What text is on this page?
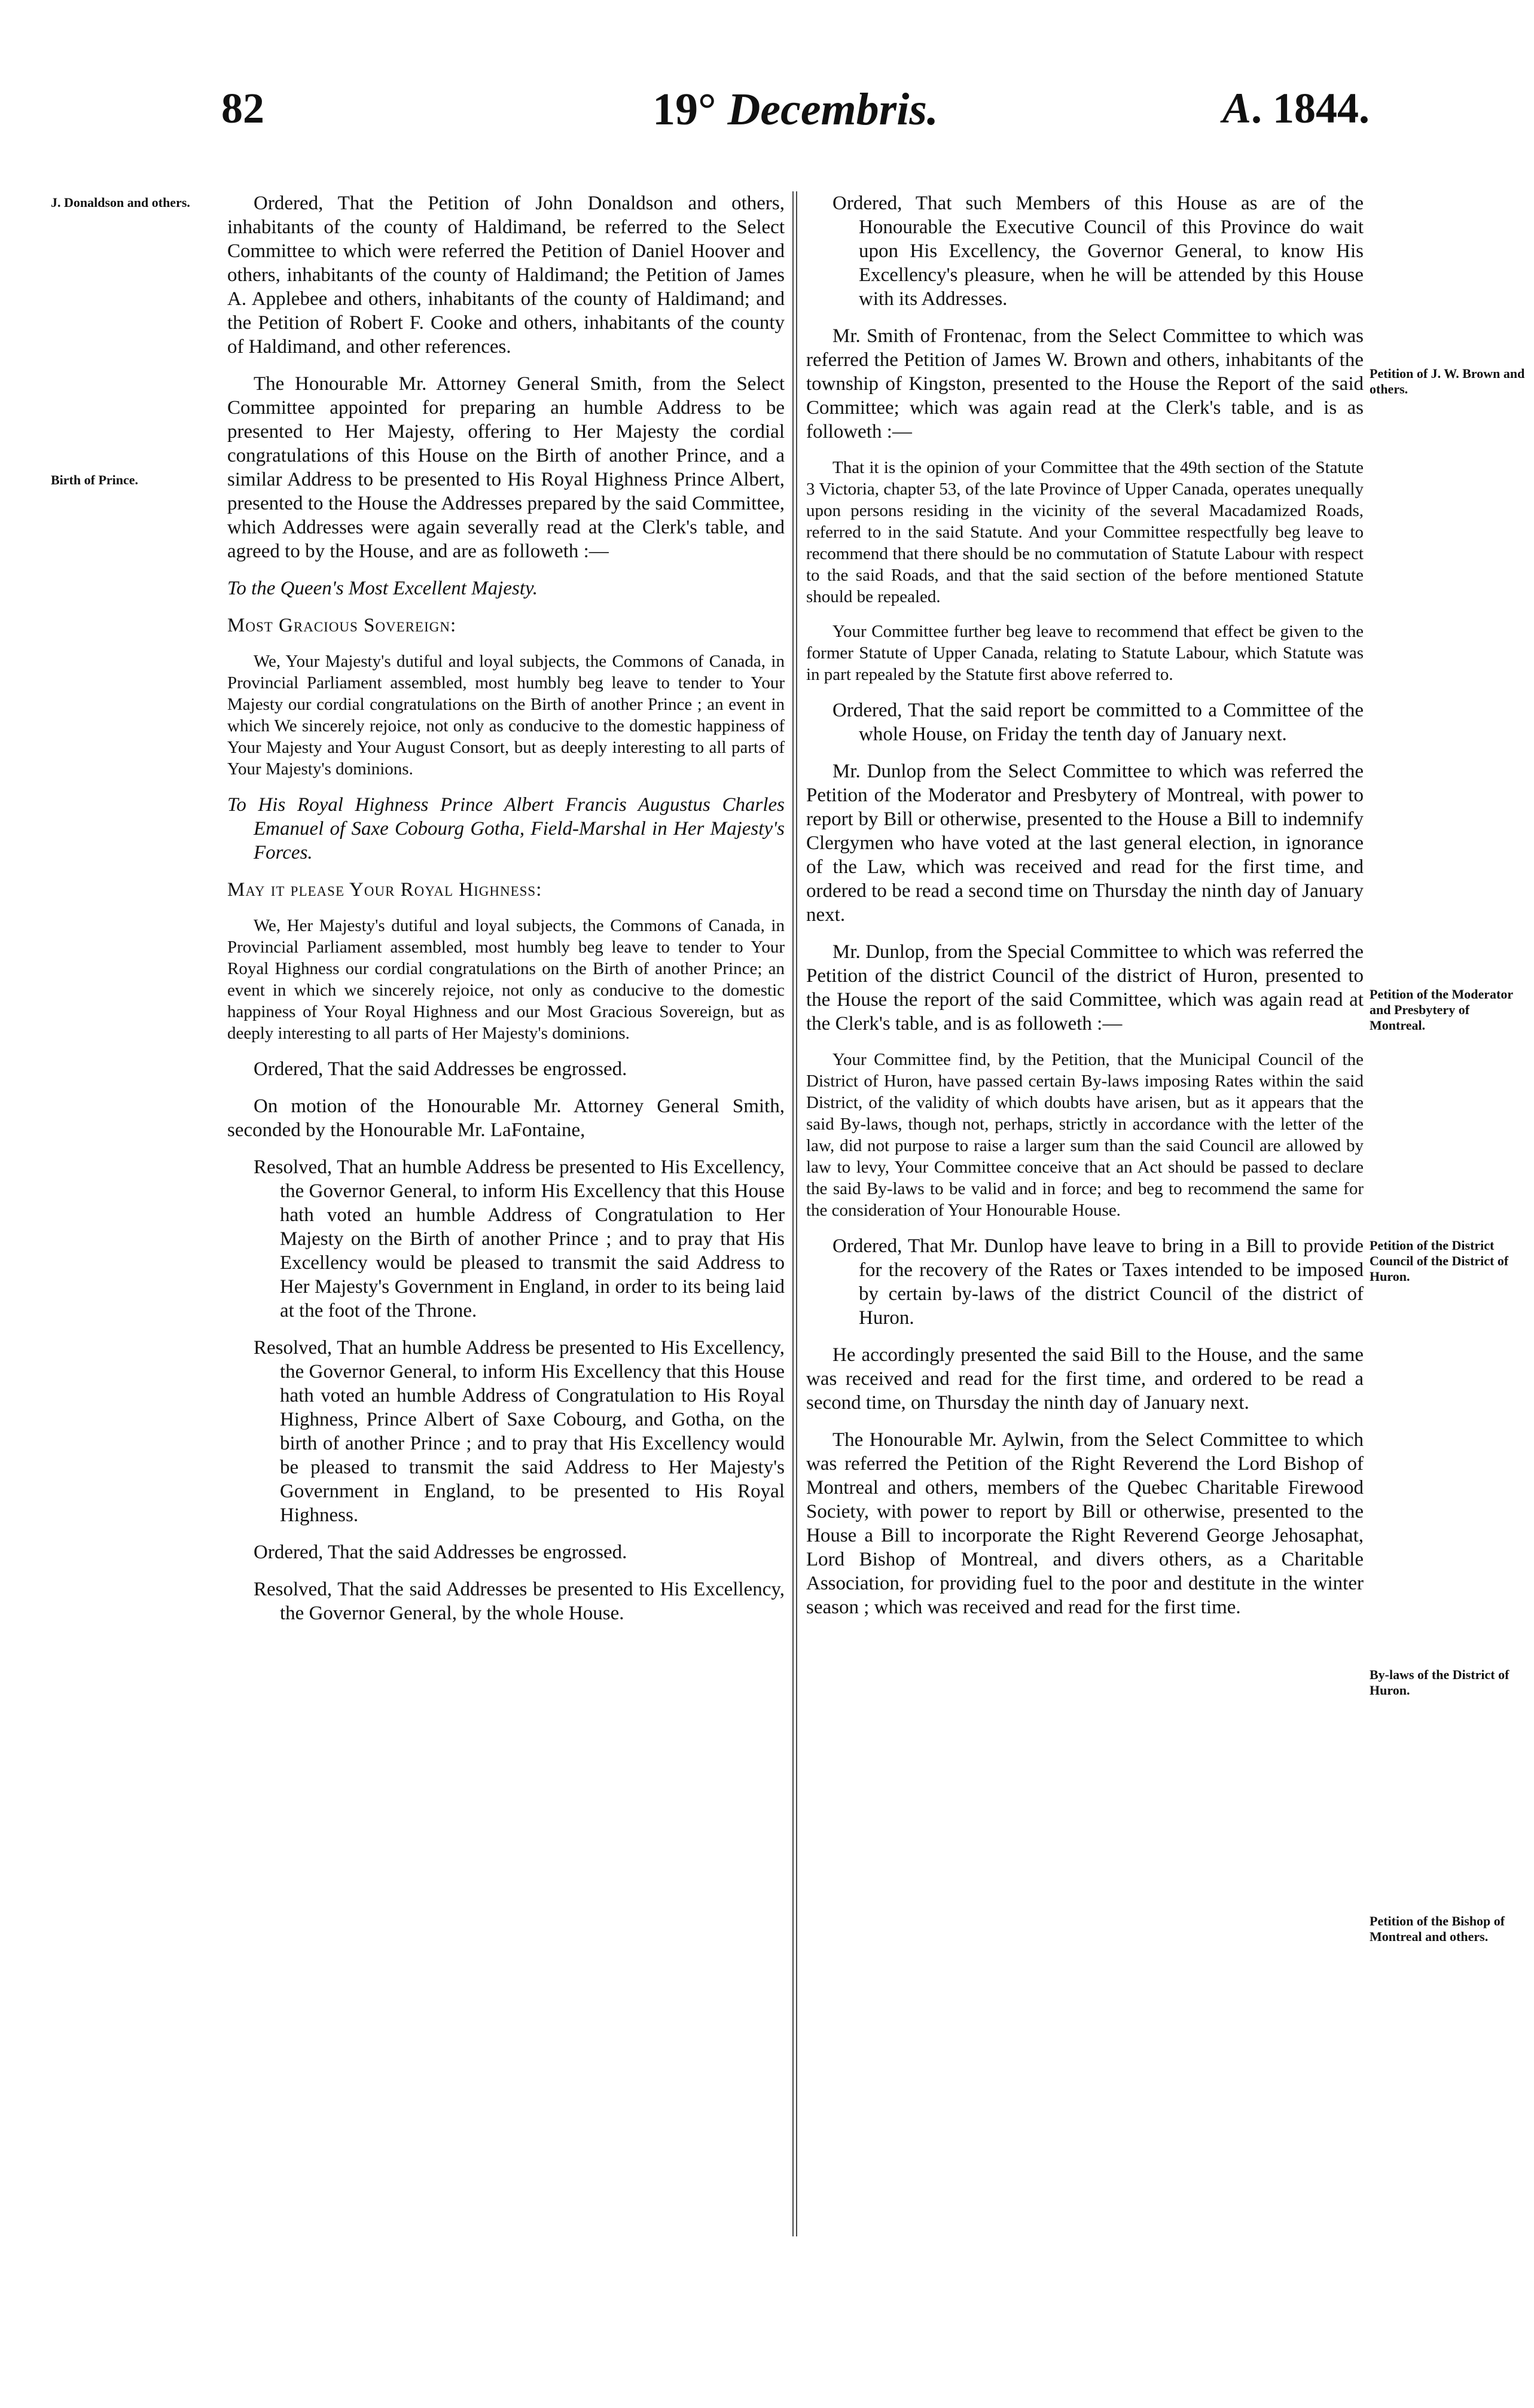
82	19° Decembris.	A. 1844.
J. Donaldson and others.
Birth of Prince.
Petition of J. W. Brown and others.
Petition of the Moderator and Presbytery of Montreal.
Petition of the District Council of the District of Huron.
By-laws of the District of Huron.
Petition of the Bishop of Montreal and others.

Ordered, That the Petition of John Donaldson and others, inhabitants of the county of Haldimand, be referred to the Select Committee to which were referred the Petition of Daniel Hoover and others, inhabitants of the county of Haldimand; the Petition of James A. Applebee and others, inhabitants of the county of Haldimand; and the Petition of Robert F. Cooke and others, inhabitants of the county of Haldimand, and other references.

The Honourable Mr. Attorney General Smith, from the Select Committee appointed for preparing an humble Address to be presented to Her Majesty, offering to Her Majesty the cordial congratulations of this House on the Birth of another Prince, and a similar Address to be presented to His Royal Highness Prince Albert, presented to the House the Addresses prepared by the said Committee, which Addresses were again severally read at the Clerk's table, and agreed to by the House, and are as followeth :—

To the Queen's Most Excellent Majesty.

Most Gracious Sovereign:

We, Your Majesty's dutiful and loyal subjects, the Commons of Canada, in Provincial Parliament assembled, most humbly beg leave to tender to Your Majesty our cordial congratulations on the Birth of another Prince ; an event in which We sincerely rejoice, not only as conducive to the domestic happiness of Your Majesty and Your August Consort, but as deeply interesting to all parts of Your Majesty's dominions.

To His Royal Highness Prince Albert Francis Augustus Charles Emanuel of Saxe Cobourg Gotha, Field-Marshal in Her Majesty's Forces.

May it please Your Royal Highness:

We, Her Majesty's dutiful and loyal subjects, the Commons of Canada, in Provincial Parliament assembled, most humbly beg leave to tender to Your Royal Highness our cordial congratulations on the Birth of another Prince; an event in which we sincerely rejoice, not only as conducive to the domestic happiness of Your Royal Highness and our Most Gracious Sovereign, but as deeply interesting to all parts of Her Majesty's dominions.

Ordered, That the said Addresses be engrossed.

On motion of the Honourable Mr. Attorney General Smith, seconded by the Honourable Mr. LaFontaine,

Resolved, That an humble Address be presented to His Excellency, the Governor General, to inform His Excellency that this House hath voted an humble Address of Congratulation to Her Majesty on the Birth of another Prince ; and to pray that His Excellency would be pleased to transmit the said Address to Her Majesty's Government in England, in order to its being laid at the foot of the Throne.

Resolved, That an humble Address be presented to His Excellency, the Governor General, to inform His Excellency that this House hath voted an humble Address of Congratulation to His Royal Highness, Prince Albert of Saxe Cobourg, and Gotha, on the birth of another Prince ; and to pray that His Excellency would be pleased to transmit the said Address to Her Majesty's Government in England, to be presented to His Royal Highness.

Ordered, That the said Addresses be engrossed.

Resolved, That the said Addresses be presented to His Excellency, the Governor General, by the whole House.

Ordered, That such Members of this House as are of the Honourable the Executive Council of this Province do wait upon His Excellency, the Governor General, to know His Excellency's pleasure, when he will be attended by this House with its Addresses.

Mr. Smith of Frontenac, from the Select Committee to which was referred the Petition of James W. Brown and others, inhabitants of the township of Kingston, presented to the House the Report of the said Committee; which was again read at the Clerk's table, and is as followeth :—

That it is the opinion of your Committee that the 49th section of the Statute 3 Victoria, chapter 53, of the late Province of Upper Canada, operates unequally upon persons residing in the vicinity of the several Macadamized Roads, referred to in the said Statute. And your Committee respectfully beg leave to recommend that there should be no commutation of Statute Labour with respect to the said Roads, and that the said section of the before mentioned Statute should be repealed.

Your Committee further beg leave to recommend that effect be given to the former Statute of Upper Canada, relating to Statute Labour, which Statute was in part repealed by the Statute first above referred to.

Ordered, That the said report be committed to a Committee of the whole House, on Friday the tenth day of January next.

Mr. Dunlop from the Select Committee to which was referred the Petition of the Moderator and Presbytery of Montreal, with power to report by Bill or otherwise, presented to the House a Bill to indemnify Clergymen who have voted at the last general election, in ignorance of the Law, which was received and read for the first time, and ordered to be read a second time on Thursday the ninth day of January next.

Mr. Dunlop, from the Special Committee to which was referred the Petition of the district Council of the district of Huron, presented to the House the report of the said Committee, which was again read at the Clerk's table, and is as followeth :—

Your Committee find, by the Petition, that the Municipal Council of the District of Huron, have passed certain By-laws imposing Rates within the said District, of the validity of which doubts have arisen, but as it appears that the said By-laws, though not, perhaps, strictly in accordance with the letter of the law, did not purpose to raise a larger sum than the said Council are allowed by law to levy, Your Committee conceive that an Act should be passed to declare the said By-laws to be valid and in force; and beg to recommend the same for the consideration of Your Honourable House.

Ordered, That Mr. Dunlop have leave to bring in a Bill to provide for the recovery of the Rates or Taxes intended to be imposed by certain by-laws of the district Council of the district of Huron.

He accordingly presented the said Bill to the House, and the same was received and read for the first time, and ordered to be read a second time, on Thursday the ninth day of January next.

The Honourable Mr. Aylwin, from the Select Committee to which was referred the Petition of the Right Reverend the Lord Bishop of Montreal and others, members of the Quebec Charitable Firewood Society, with power to report by Bill or otherwise, presented to the House a Bill to incorporate the Right Reverend George Jehosaphat, Lord Bishop of Montreal, and divers others, as a Charitable Association, for providing fuel to the poor and destitute in the winter season ; which was received and read for the first time.
